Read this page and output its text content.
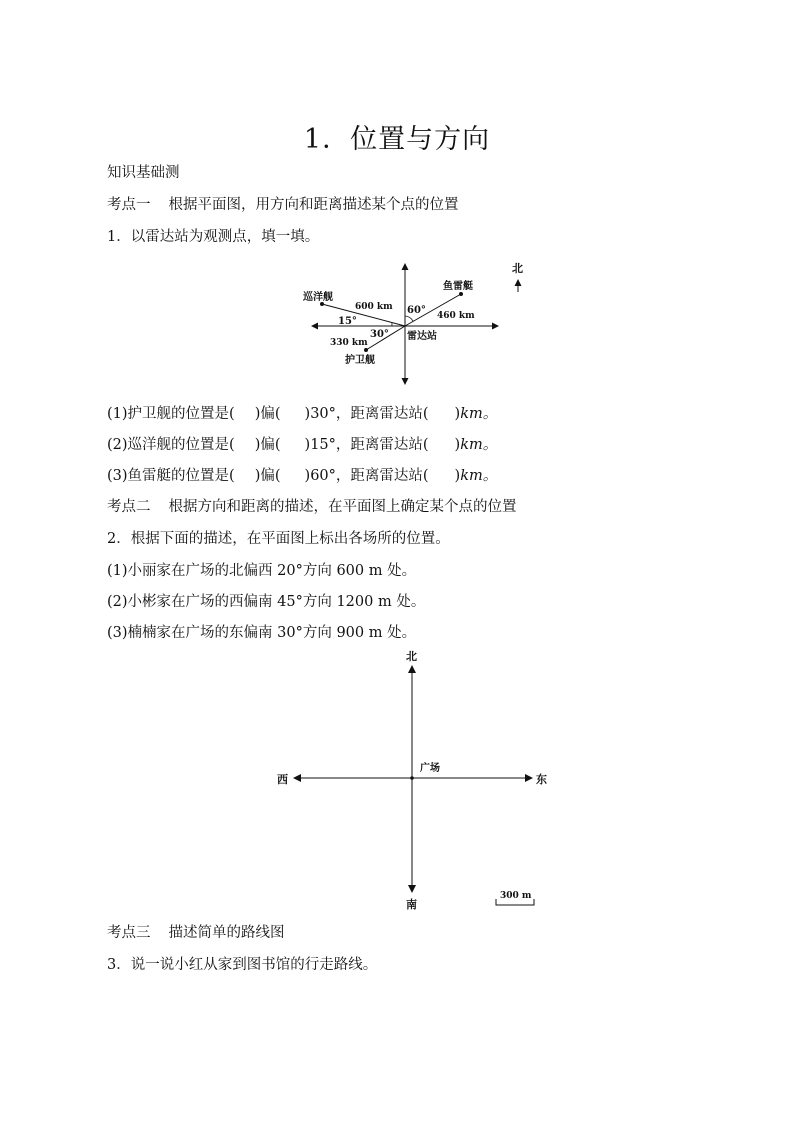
1．位置与方向
知识基础测
考点一 根据平面图，用方向和距离描述某个点的位置
1．以雷达站为观测点，填一填。
北
巡洋舰
600 km
15°
鱼雷艇
60° 460 km
30°
330 km
护卫舰
雷达站
(1)护卫舰的位置是( )偏( )30°，距离雷达站( )km。
(2)巡洋舰的位置是( )偏( )15°，距离雷达站( )km。
(3)鱼雷艇的位置是( )偏( )60°，距离雷达站( )km。
考点二 根据方向和距离的描述，在平面图上确定某个点的位置
2．根据下面的描述，在平面图上标出各场所的位置。
(1)小丽家在广场的北偏西 20°方向 600 m 处。
(2)小彬家在广场的西偏南 45°方向 1200 m 处。
(3)楠楠家在广场的东偏南 30°方向 900 m 处。
北
南
西	东
广场
300 m
考点三 描述简单的路线图
3．说一说小红从家到图书馆的行走路线。
